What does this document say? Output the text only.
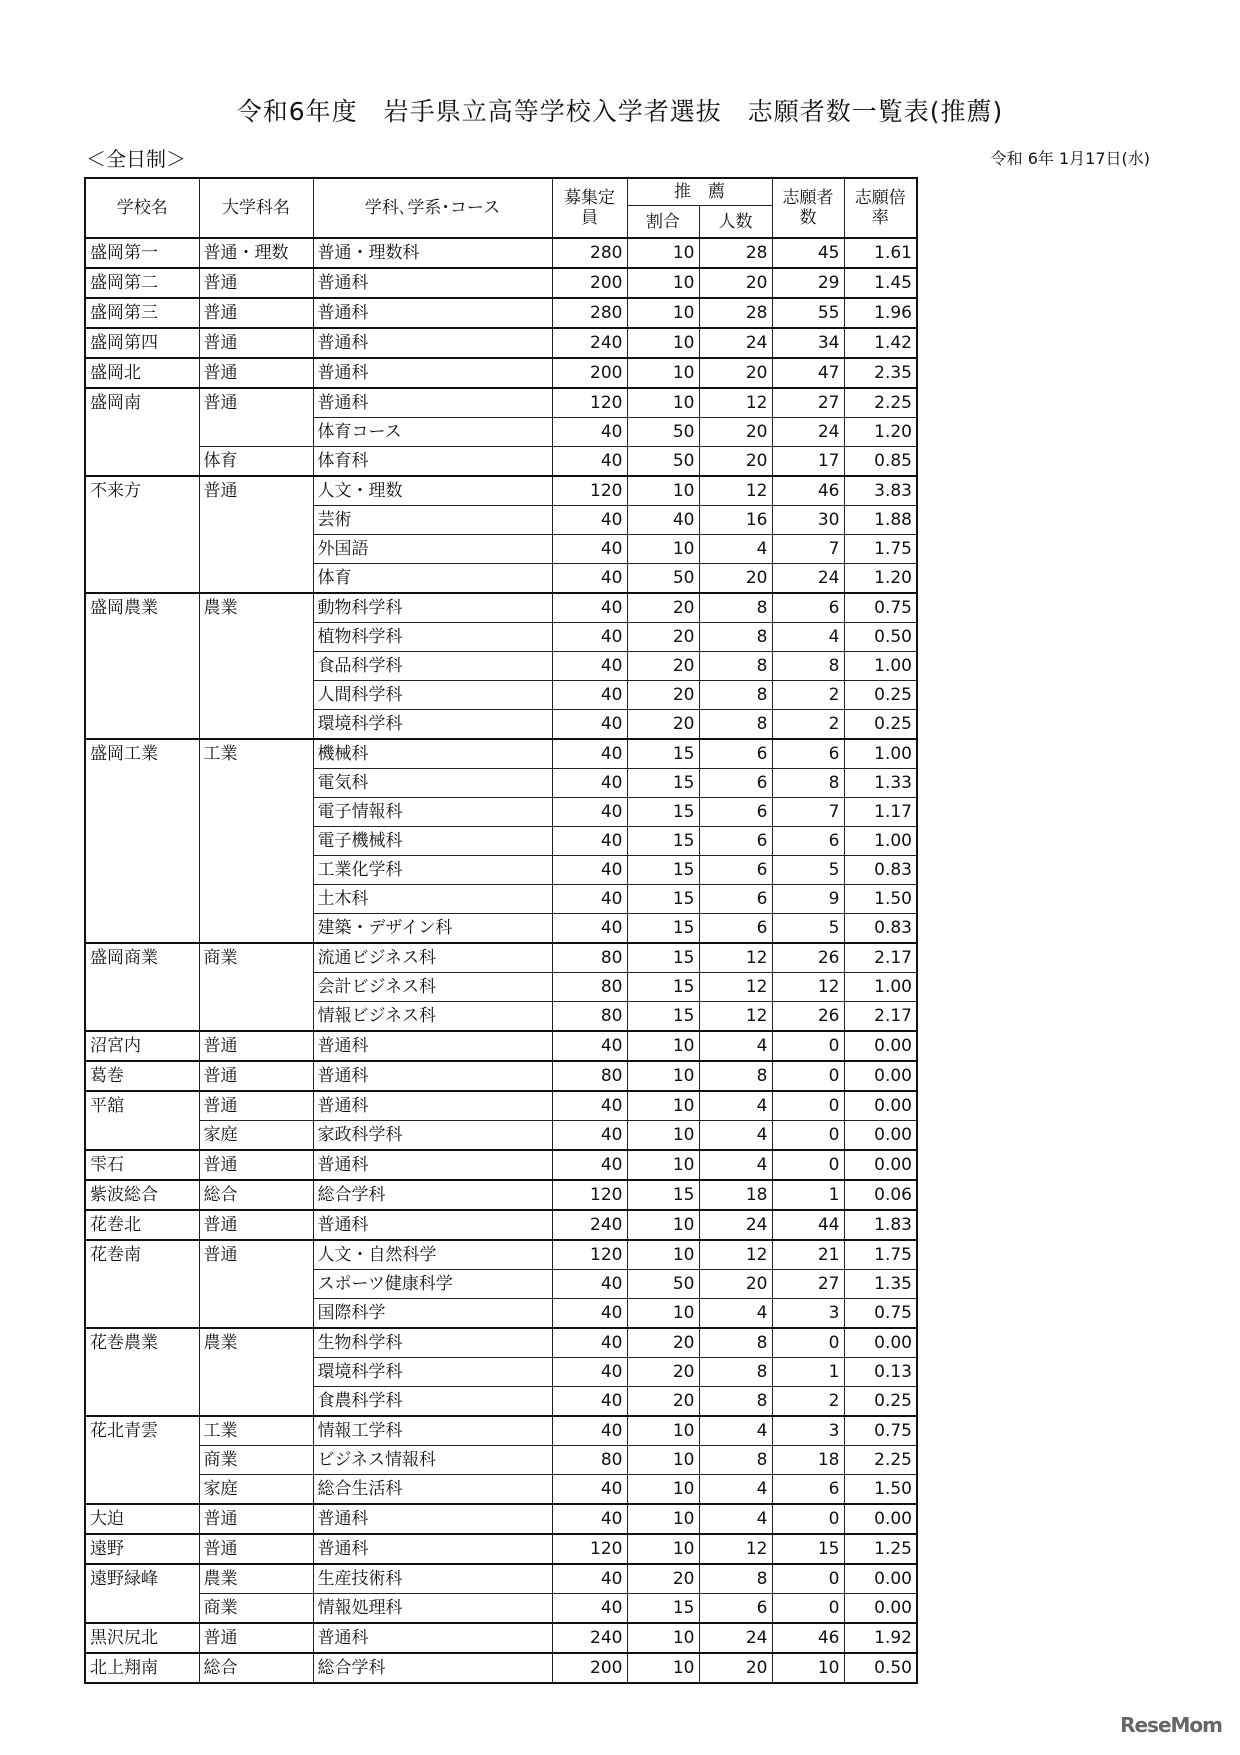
令和6年度　岩手県立高等学校入学者選抜　志願者数一覧表(推薦)
＜全日制＞	令和 6年 1月17日(水)
学校名	大学科名	学科､学系･コース	募集定員	推　薦		志願者数	志願倍率
				割合	人数		
盛岡第一	普通・理数	普通・理数科	280	10	28	45	1.61
盛岡第二	普通	普通科	200	10	20	29	1.45
盛岡第三	普通	普通科	280	10	28	55	1.96
盛岡第四	普通	普通科	240	10	24	34	1.42
盛岡北	普通	普通科	200	10	20	47	2.35
盛岡南	普通	普通科	120	10	12	27	2.25
		体育コース	40	50	20	24	1.20
	体育	体育科	40	50	20	17	0.85
不来方	普通	人文・理数	120	10	12	46	3.83
		芸術	40	40	16	30	1.88
		外国語	40	10	4	7	1.75
		体育	40	50	20	24	1.20
盛岡農業	農業	動物科学科	40	20	8	6	0.75
		植物科学科	40	20	8	4	0.50
		食品科学科	40	20	8	8	1.00
		人間科学科	40	20	8	2	0.25
		環境科学科	40	20	8	2	0.25
盛岡工業	工業	機械科	40	15	6	6	1.00
		電気科	40	15	6	8	1.33
		電子情報科	40	15	6	7	1.17
		電子機械科	40	15	6	6	1.00
		工業化学科	40	15	6	5	0.83
		土木科	40	15	6	9	1.50
		建築・デザイン科	40	15	6	5	0.83
盛岡商業	商業	流通ビジネス科	80	15	12	26	2.17
		会計ビジネス科	80	15	12	12	1.00
		情報ビジネス科	80	15	12	26	2.17
沼宮内	普通	普通科	40	10	4	0	0.00
葛巻	普通	普通科	80	10	8	0	0.00
平舘	普通	普通科	40	10	4	0	0.00
	家庭	家政科学科	40	10	4	0	0.00
雫石	普通	普通科	40	10	4	0	0.00
紫波総合	総合	総合学科	120	15	18	1	0.06
花巻北	普通	普通科	240	10	24	44	1.83
花巻南	普通	人文・自然科学	120	10	12	21	1.75
		スポーツ健康科学	40	50	20	27	1.35
		国際科学	40	10	4	3	0.75
花巻農業	農業	生物科学科	40	20	8	0	0.00
		環境科学科	40	20	8	1	0.13
		食農科学科	40	20	8	2	0.25
花北青雲	工業	情報工学科	40	10	4	3	0.75
	商業	ビジネス情報科	80	10	8	18	2.25
	家庭	総合生活科	40	10	4	6	1.50
大迫	普通	普通科	40	10	4	0	0.00
遠野	普通	普通科	120	10	12	15	1.25
遠野緑峰	農業	生産技術科	40	20	8	0	0.00
	商業	情報処理科	40	15	6	0	0.00
黒沢尻北	普通	普通科	240	10	24	46	1.92
北上翔南	総合	総合学科	200	10	20	10	0.50
ReseMom
